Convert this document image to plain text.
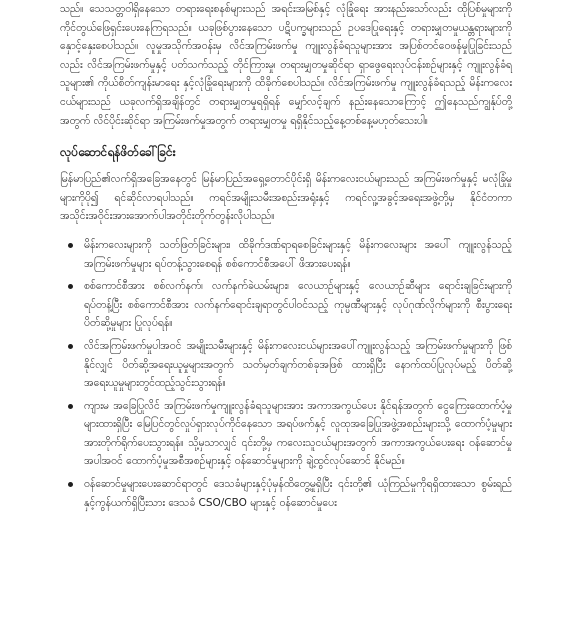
သည်။ သေသတ္တဝါရှိနေသော တရားရေးစနစ်များသည် အရင်းအမြစ်နှင့် လုံခြုံရေး အားနည်းသော်လည်း ထိုပြစ်မှုများကို ကိုင်တွယ်ဖြေရှင်းပေးနေကြရသည်။ ယခုဖြစ်ပွားနေသော ပဋိပက္ခများသည် ဥပဒေပြုရေးနှင့် တရားမျှတမှုယန္တရားများကို နှောင့်နှေးစေပါသည်။ လူမှုအသိုက်အဝန်းမှ လိင်အကြမ်းဖက်မှု ကျူးလွန်ခံရသူများအား အပြစ်တင်ဝေဖန်မှုပြုခြင်းသည်လည်း လိင်အကြမ်းဖက်မှုနှင့် ပတ်သက်သည့် တိုင်ကြားမှု၊ တရားမျှတမှုဆိုင်ရာ ရှာဖွေရေးလုပ်ငန်းစဉ်များနှင့် ကျူးလွန်ခံရသူများ၏ ကိုယ်စိတ်ကျန်းမာရေး နှင့်လုံခြုံရေးများကို ထိခိုက်စေပါသည်။ လိင်အကြမ်းဖက်မှု ကျူးလွန်ခံရသည့် မိန်းကလေးငယ်များသည် ယခုလက်ရှိအချိန်တွင် တရားမျှတမှုရရှိရန် မျှော်လင့်ချက် နည်းနေသောကြောင့် ဤနေသည်ကျွန်ုပ်တို့အတွက် လိင်ပိုင်းဆိုင်ရာ အကြမ်းဖက်မှုအတွက် တရားမျှတမှု ရရှိနိုင်သည့်နေ့တစ်နေ့မဟုတ်သေးပါ။

လုပ်ဆောင်ရန်ဖိတ်ခေါ်ခြင်း

မြန်မာပြည်၏လက်ရှိအခြေအနေတွင် မြန်မာပြည်အရှေ့တောင်ပိုင်းရှိ မိန်းကလေးငယ်များသည် အကြမ်းဖက်မှုနှင့် မလုံခြုံမှုများကိုပို၍ ရင်ဆိုင်လာရပါသည်။ ကရင်အမျိုးသမီးအစည်းအရုံးနှင့် ကရင်လူ့အခွင့်အရေးအဖွဲ့တို့မှ နိုင်ငံတကာအသိုင်းအဝိုင်းအားအောက်ပါအတိုင်းတိုက်တွန်းလိုပါသည်။

မိန်းကလေးများကို သတ်ဖြတ်ခြင်းများ၊ ထိခိုက်ဒဏ်ရာရစေခြင်းများနှင့် မိန်းကလေးများ အပေါ် ကျူးလွန်သည့်အကြမ်းဖက်မှုများ ရပ်တန့်သွားစေရန် စစ်ကောင်စီအပေါ် ဖိအားပေးရန်။
စစ်ကောင်စီအား စစ်လက်နက်၊ လက်နက်ခဲယမ်းများ၊ လေယာဉ်များနှင့် လေယာဉ်ဆီများ ရောင်းချခြင်းများကို ရပ်တန့်ပြီး စစ်ကောင်စီအား လက်နက်ရောင်းချရာတွင်ပါဝင်သည့် ကုမ္ပဏီများနှင့် လုပ်ဂုဏ်လိုက်များကို စီးပွားရေးပိတ်ဆို့မှုများ ပြုလုပ်ရန်။
လိင်အကြမ်းဖက်မှုပါအဝင် အမျိုးသမီးများနှင့် မိန်းကလေးငယ်များအပေါ်ကျူးလွန်သည့် အကြမ်းဖက်မှုများကို ဖြစ်နိုင်လျှင် ပိတ်ဆို့အရေးယူမှုများအတွက် သတ်မှတ်ချက်တစ်ခုအဖြစ် ထားရှိပြီး နောက်ထပ်ပြုလုပ်မည့် ပိတ်ဆို့အရေးယူမှုများတွင်ထည့်သွင်းသွားရန်။
ကျားမ အခြေပြုလိင် အကြမ်းဖက်မှုကျူးလွန်ခံရသူများအား အကာအကွယ်ပေး နိုင်ရန်အတွက် ငွေကြေးထောက်ပံ့မှုများထားရှိပြီး မြေပြင်တွင်လှုပ်ရှားလုပ်ကိုင်နေသော အရပ်ဖက်နှင့် လူထုအခြေပြုအဖွဲ့အစည်းများသို့ ထောက်ပံ့မှုများအားတိုက်ရိုက်ပေးသွားရန်။ သို့မှသာလျှင် ၎င်းတို့မှ ကလေးသူငယ်များအတွက် အကာအကွယ်ပေးရေး ဝန်ဆောင်မှုအပါအဝင် ထောက်ပံ့မှုအစီအစဉ်များနှင့် ဝန်ဆောင်မှုများကို ချဲ့ထွင်လုပ်ဆောင် နိုင်မည်။
ဝန်ဆောင်မှုများပေးဆောင်ရာတွင် ဒေသခံများနှင့်ပုံမှန်ထိတွေ့မှုရှိပြီး ၎င်းတို့၏ ယုံကြည်မှုကိုရရှိထားသော စွမ်းရည်နှင့်ကွန်ယက်ရှိပြီးသား ဒေသခံ CSO/CBO များနှင့် ဝန်ဆောင်မှုပေး
